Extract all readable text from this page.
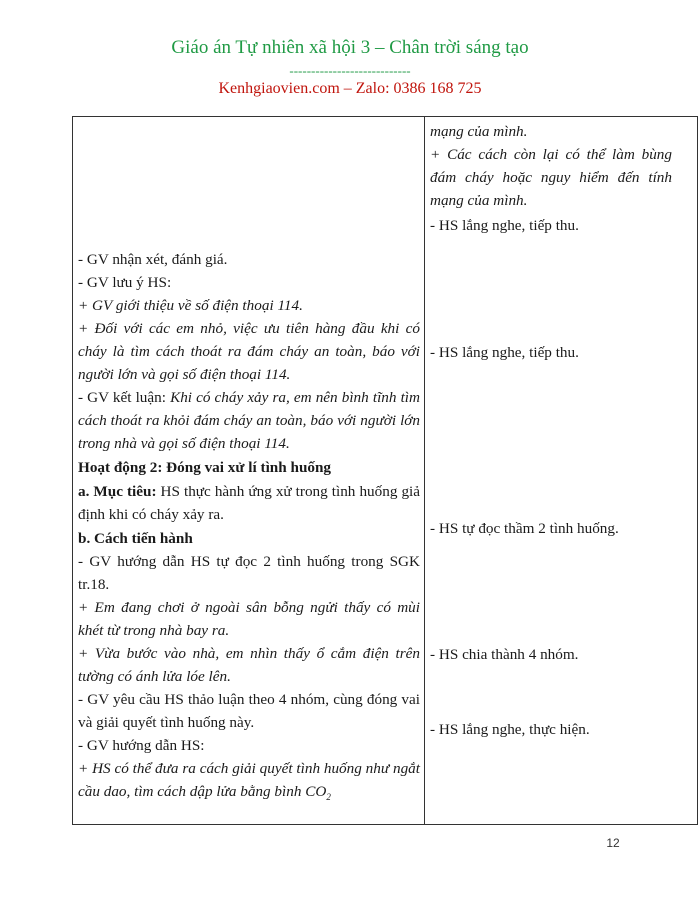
Giáo án Tự nhiên xã hội 3 – Chân trời sáng tạo
----------------------------
Kenhgiaovien.com – Zalo: 0386 168 725

mạng của mình.

+ Các cách còn lại có thể làm bùng đám cháy hoặc nguy hiểm đến tính mạng của mình.

- HS lắng nghe, tiếp thu.

- HS lắng nghe, tiếp thu.

- HS tự đọc thầm 2 tình huống.

- HS chia thành 4 nhóm.

- HS lắng nghe, thực hiện.

- GV nhận xét, đánh giá.

- GV lưu ý HS:

+ GV giới thiệu về số điện thoại 114.

+ Đối với các em nhỏ, việc ưu tiên hàng đầu khi có cháy là tìm cách thoát ra đám cháy an toàn, báo với người lớn và gọi số điện thoại 114.

- GV kết luận: Khi có cháy xảy ra, em nên bình tĩnh tìm cách thoát ra khỏi đám cháy an toàn, báo với người lớn trong nhà và gọi số điện thoại 114.

Hoạt động 2: Đóng vai xử lí tình huống

a. Mục tiêu: HS thực hành ứng xử trong tình huống giả định khi có cháy xảy ra.

b. Cách tiến hành

- GV hướng dẫn HS tự đọc 2 tình huống trong SGK tr.18.

+ Em đang chơi ở ngoài sân bỗng ngửi thấy có mùi khét từ trong nhà bay ra.

+ Vừa bước vào nhà, em nhìn thấy ổ cắm điện trên tường có ánh lửa lóe lên.

- GV yêu cầu HS thảo luận theo 4 nhóm, cùng đóng vai và giải quyết tình huống này.

- GV hướng dẫn HS:

+ HS có thể đưa ra cách giải quyết tình huống như ngắt cầu dao, tìm cách dập lửa bằng bình $CO_2$

12
